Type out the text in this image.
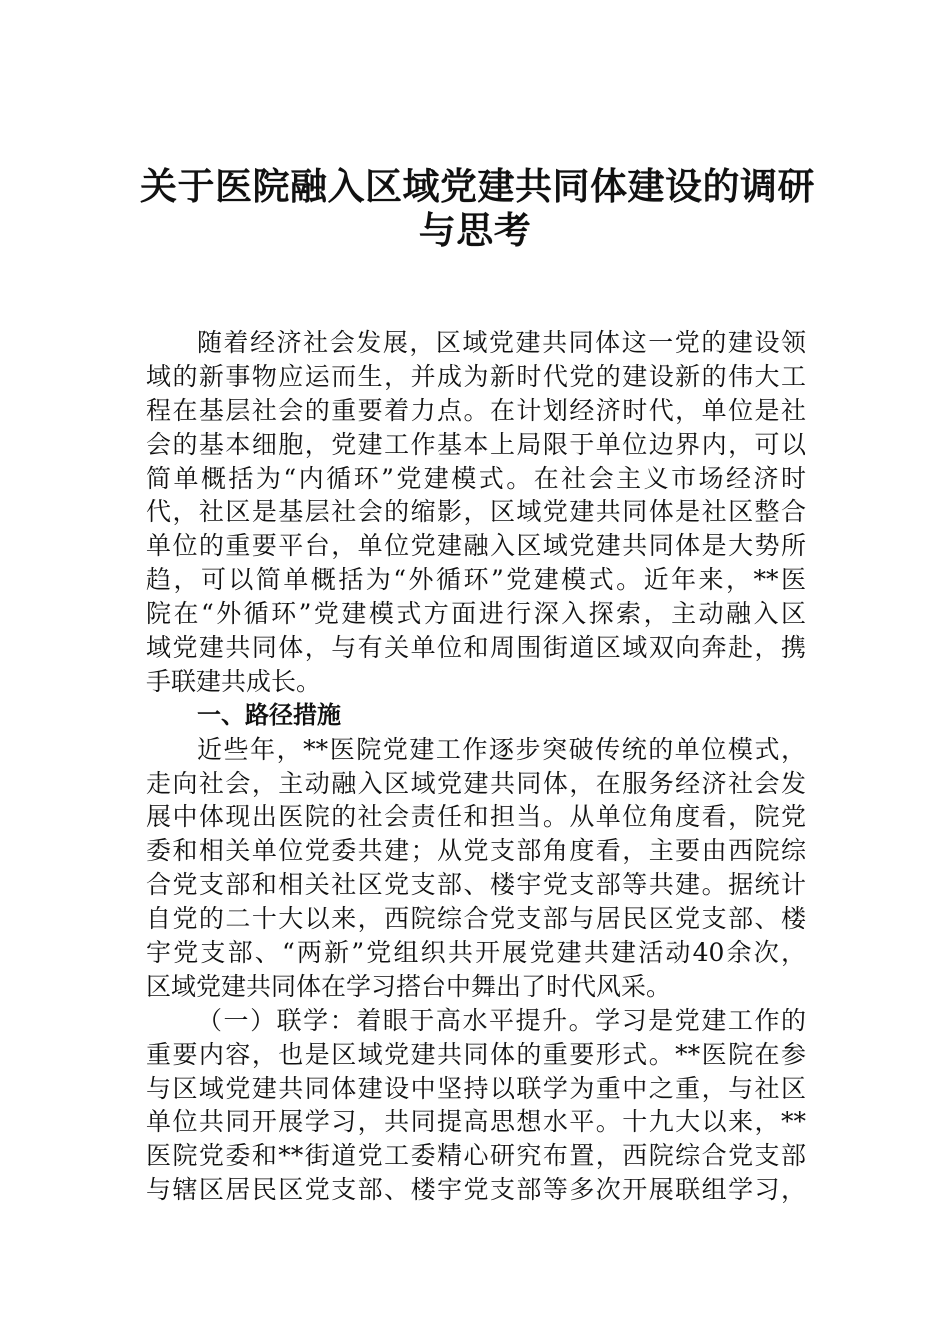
关于医院融入区域党建共同体建设的调研
与思考
随着经济社会发展，区域党建共同体这一党的建设领
域的新事物应运而生，并成为新时代党的建设新的伟大工
程在基层社会的重要着力点。在计划经济时代，单位是社
会的基本细胞，党建工作基本上局限于单位边界内，可以
简单概括为“内循环”党建模式。在社会主义市场经济时
代，社区是基层社会的缩影，区域党建共同体是社区整合
单位的重要平台，单位党建融入区域党建共同体是大势所
趋，可以简单概括为“外循环”党建模式。近年来，**医
院在“外循环”党建模式方面进行深入探索，主动融入区
域党建共同体，与有关单位和周围街道区域双向奔赴，携
手联建共成长。
一、路径措施
近些年，**医院党建工作逐步突破传统的单位模式，
走向社会，主动融入区域党建共同体，在服务经济社会发
展中体现出医院的社会责任和担当。从单位角度看，院党
委和相关单位党委共建；从党支部角度看，主要由西院综
合党支部和相关社区党支部、楼宇党支部等共建。据统计
自党的二十大以来，西院综合党支部与居民区党支部、楼
宇党支部、“两新”党组织共开展党建共建活动40余次，
区域党建共同体在学习搭台中舞出了时代风采。
（一）联学：着眼于高水平提升。学习是党建工作的
重要内容，也是区域党建共同体的重要形式。**医院在参
与区域党建共同体建设中坚持以联学为重中之重，与社区
单位共同开展学习，共同提高思想水平。十九大以来，**
医院党委和**街道党工委精心研究布置，西院综合党支部
与辖区居民区党支部、楼宇党支部等多次开展联组学习，
